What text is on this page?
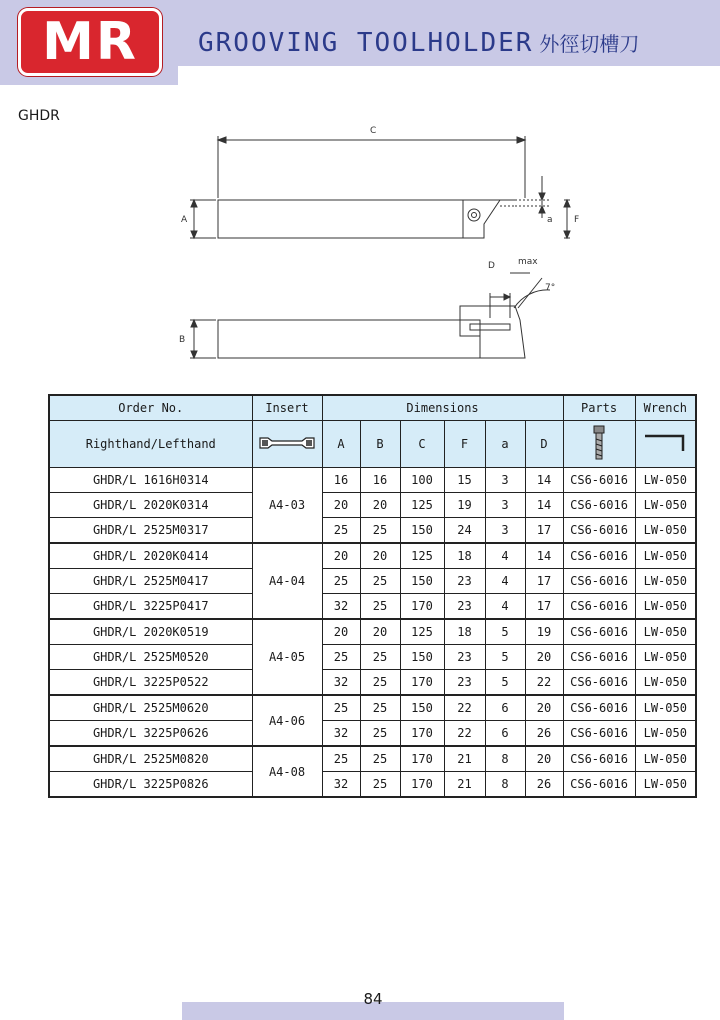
MR GROOVING TOOLHOLDER 外徑切槽刀
GHDR
C
A	a F
D	max
7°
B
Order No.	Insert	Dimensions						Parts	Wrench
Righthand/Lefthand		A	B	C	F	a	D		
GHDR/L 1616H0314	A4-03	16	16	100	15	3	14	CS6-6016	LW-050
GHDR/L 2020K0314		20	20	125	19	3	14	CS6-6016	LW-050
GHDR/L 2525M0317		25	25	150	24	3	17	CS6-6016	LW-050
GHDR/L 2020K0414	A4-04	20	20	125	18	4	14	CS6-6016	LW-050
GHDR/L 2525M0417		25	25	150	23	4	17	CS6-6016	LW-050
GHDR/L 3225P0417		32	25	170	23	4	17	CS6-6016	LW-050
GHDR/L 2020K0519	A4-05	20	20	125	18	5	19	CS6-6016	LW-050
GHDR/L 2525M0520		25	25	150	23	5	20	CS6-6016	LW-050
GHDR/L 3225P0522		32	25	170	23	5	22	CS6-6016	LW-050
GHDR/L 2525M0620	A4-06	25	25	150	22	6	20	CS6-6016	LW-050
GHDR/L 3225P0626		32	25	170	22	6	26	CS6-6016	LW-050
GHDR/L 2525M0820	A4-08	25	25	170	21	8	20	CS6-6016	LW-050
GHDR/L 3225P0826		32	25	170	21	8	26	CS6-6016	LW-050
84
